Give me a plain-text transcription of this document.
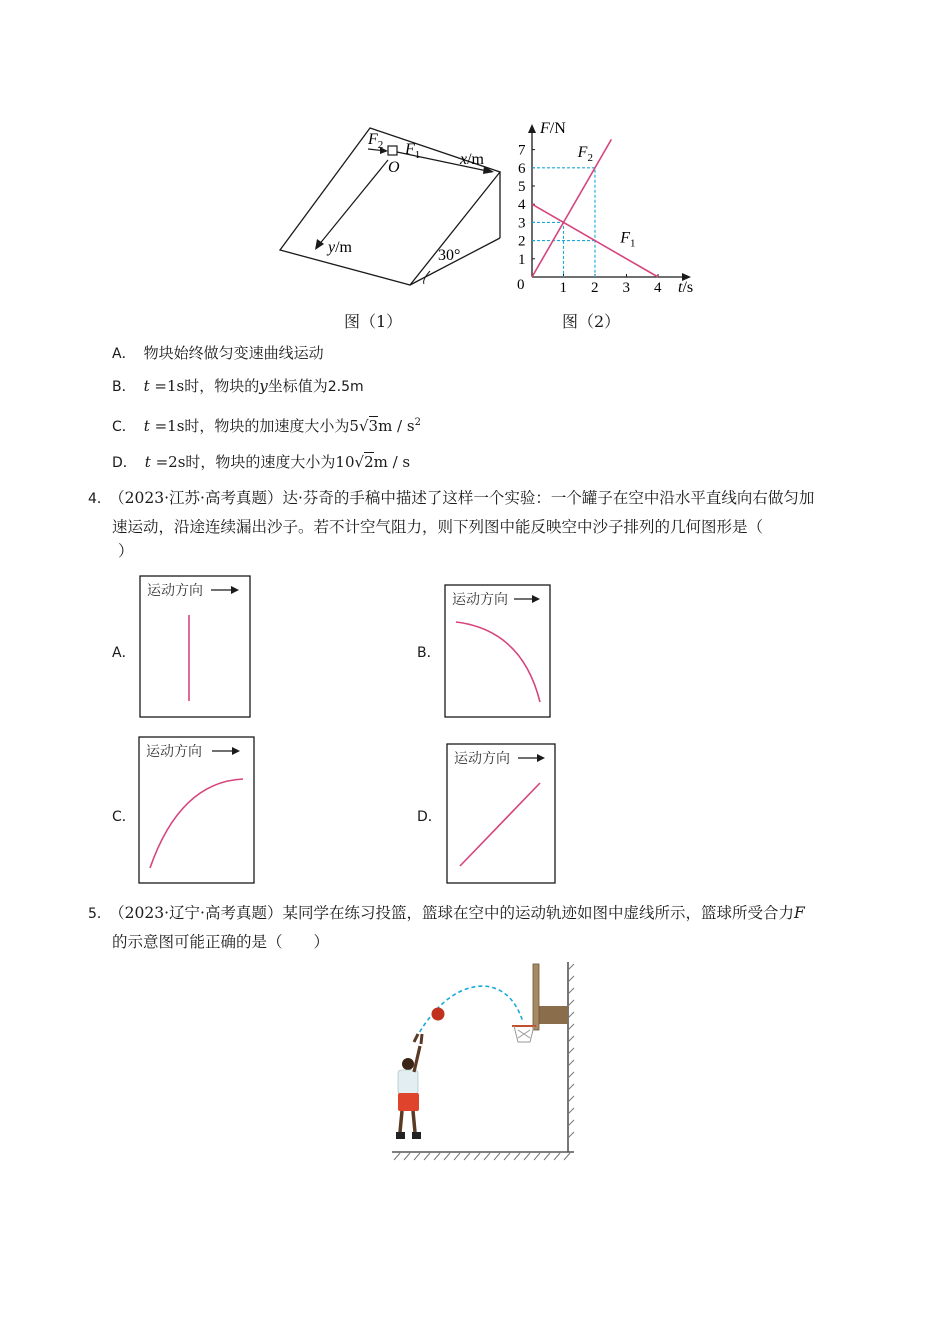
$F_2$ $F_1$
O	x/m
y/m	30°
图（1）
F/N
t/s
0
1
2
3
4
5
6
7
1 2 3 4
$F_1$
$F_2$
图（2）
A． 物块始终做匀变速曲线运动
B． t =1s时，物块的y坐标值为2.5m
C． t =1s时，物块的加速度大小为$5√3m / s^2$
D． t =2s时，物块的速度大小为10√2m / s
4． （2023·江苏·高考真题）达·芬奇的手稿中描述了这样一个实验：一个罐子在空中沿水平直线向右做匀加
速运动，沿途连续漏出沙子。若不计空气阻力，则下列图中能反映空中沙子排列的几何图形是（
）
A．
运动方向
B．
运动方向
C．
运动方向
D．
运动方向
5． （2023·辽宁·高考真题）某同学在练习投篮，篮球在空中的运动轨迹如图中虚线所示，篮球所受合力F
的示意图可能正确的是（　　）
